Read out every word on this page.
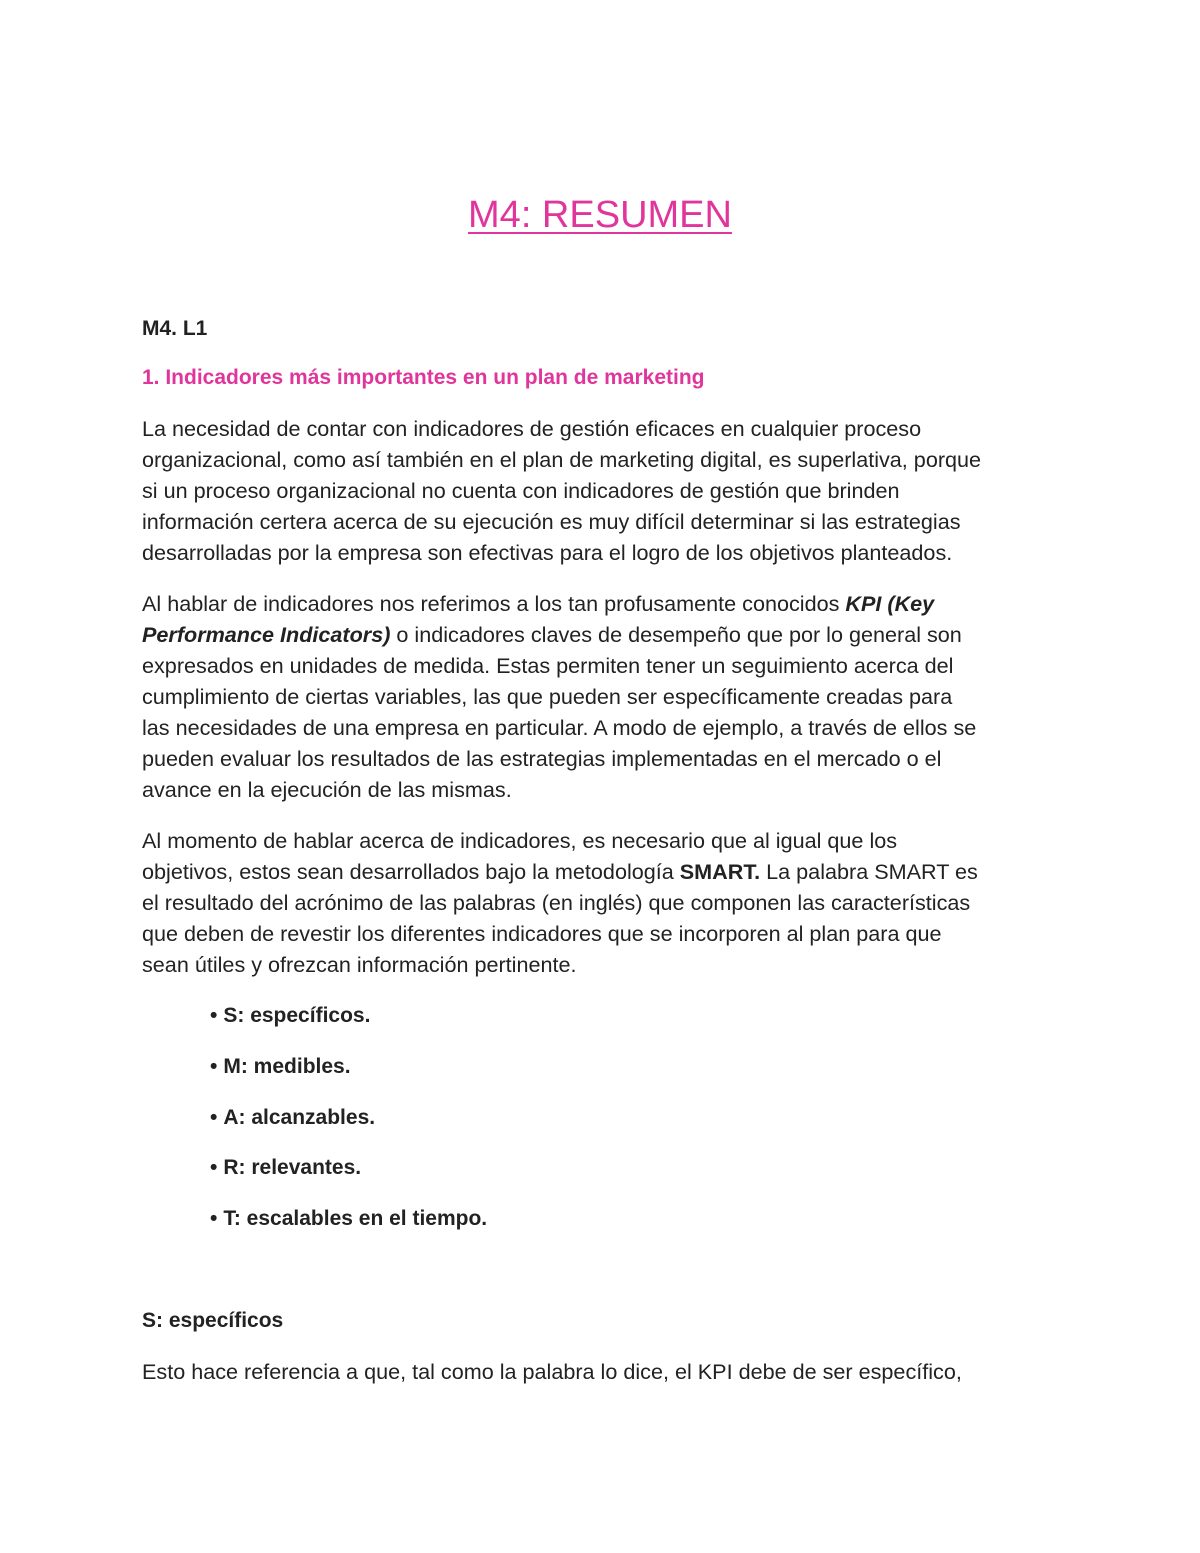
M4: RESUMEN
M4. L1
1. Indicadores más importantes en un plan de marketing
La necesidad de contar con indicadores de gestión eficaces en cualquier proceso
organizacional, como así también en el plan de marketing digital, es superlativa, porque
si un proceso organizacional no cuenta con indicadores de gestión que brinden
información certera acerca de su ejecución es muy difícil determinar si las estrategias
desarrolladas por la empresa son efectivas para el logro de los objetivos planteados.
Al hablar de indicadores nos referimos a los tan profusamente conocidos KPI (Key
Performance Indicators) o indicadores claves de desempeño que por lo general son
expresados en unidades de medida. Estas permiten tener un seguimiento acerca del
cumplimiento de ciertas variables, las que pueden ser específicamente creadas para
las necesidades de una empresa en particular. A modo de ejemplo, a través de ellos se
pueden evaluar los resultados de las estrategias implementadas en el mercado o el
avance en la ejecución de las mismas.
Al momento de hablar acerca de indicadores, es necesario que al igual que los
objetivos, estos sean desarrollados bajo la metodología SMART. La palabra SMART es
el resultado del acrónimo de las palabras (en inglés) que componen las características
que deben de revestir los diferentes indicadores que se incorporen al plan para que
sean útiles y ofrezcan información pertinente.
• S: específicos.
• M: medibles.
• A: alcanzables.
• R: relevantes.
• T: escalables en el tiempo.
S: específicos
Esto hace referencia a que, tal como la palabra lo dice, el KPI debe de ser específico,
